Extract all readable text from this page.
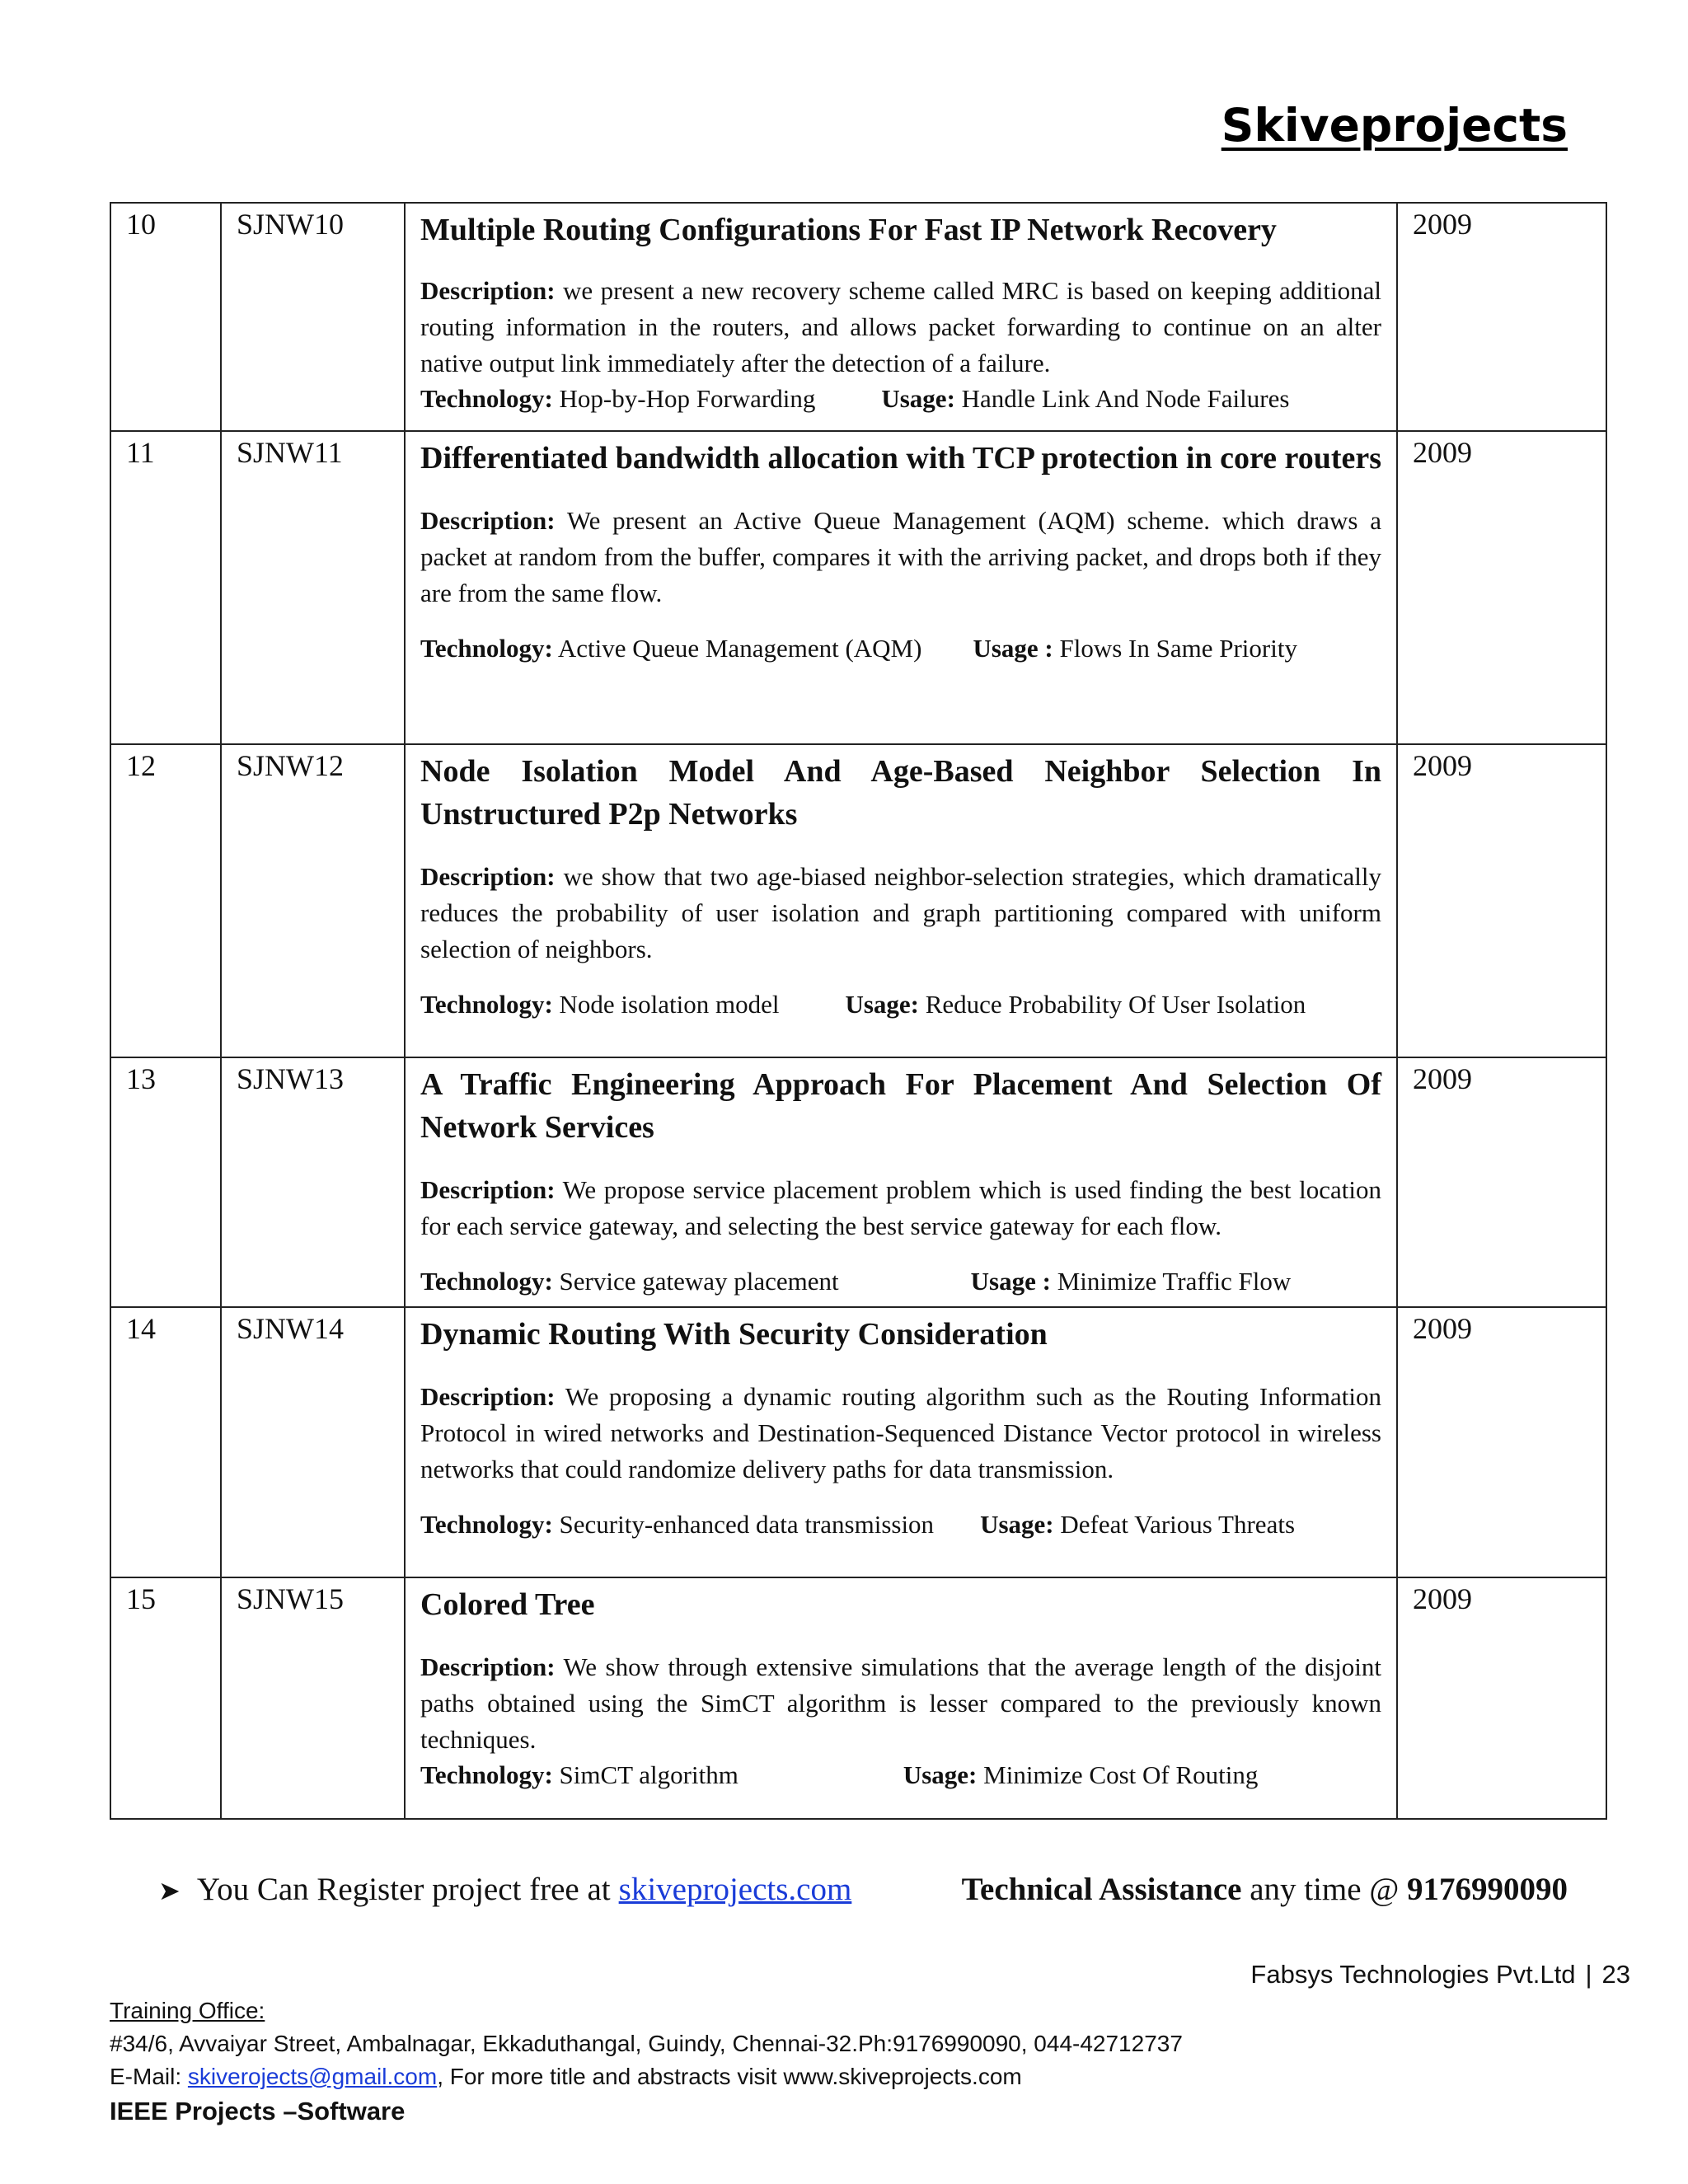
Skiveprojects
10	SJNW10	Multiple Routing Configurations For Fast IP Network Recovery
Description: we present a new recovery scheme called MRC is based on keeping additional routing information in the routers, and allows packet forwarding to continue on an alter native output link immediately after the detection of a failure.
Technology: Hop-by-Hop Forwarding Usage: Handle Link And Node Failures	2009
11	SJNW11	Differentiated bandwidth allocation with TCP protection in core routers
Description: We present an Active Queue Management (AQM) scheme. which draws a packet at random from the buffer, compares it with the arriving packet, and drops both if they are from the same flow.
Technology: Active Queue Management (AQM) Usage : Flows In Same Priority	2009
12	SJNW12	Node Isolation Model And Age-Based Neighbor Selection In Unstructured P2p Networks
Description: we show that two age-biased neighbor-selection strategies, which dramatically reduces the probability of user isolation and graph partitioning compared with uniform selection of neighbors.
Technology: Node isolation model Usage: Reduce Probability Of User Isolation	2009
13	SJNW13	A Traffic Engineering Approach For Placement And Selection Of Network Services
Description: We propose service placement problem which is used finding the best location for each service gateway, and selecting the best service gateway for each flow.
Technology: Service gateway placement Usage : Minimize Traffic Flow	2009
14	SJNW14	Dynamic Routing With Security Consideration
Description: We proposing a dynamic routing algorithm such as the Routing Information Protocol in wired networks and Destination-Sequenced Distance Vector protocol in wireless networks that could randomize delivery paths for data transmission.
Technology: Security-enhanced data transmission Usage: Defeat Various Threats	2009
15	SJNW15	Colored Tree
Description: We show through extensive simulations that the average length of the disjoint paths obtained using the SimCT algorithm is lesser compared to the previously known techniques.
Technology: SimCT algorithm Usage: Minimize Cost Of Routing	2009
➤ You Can Register project free at skiveprojects.com	Technical Assistance any time @ 9176990090
Fabsys Technologies Pvt.Ltd | 23
Training Office:
#34/6, Avvaiyar Street, Ambalnagar, Ekkaduthangal, Guindy, Chennai-32.Ph:9176990090, 044-42712737
E-Mail: skiverojects@gmail.com, For more title and abstracts visit www.skiveprojects.com
IEEE Projects –Software
